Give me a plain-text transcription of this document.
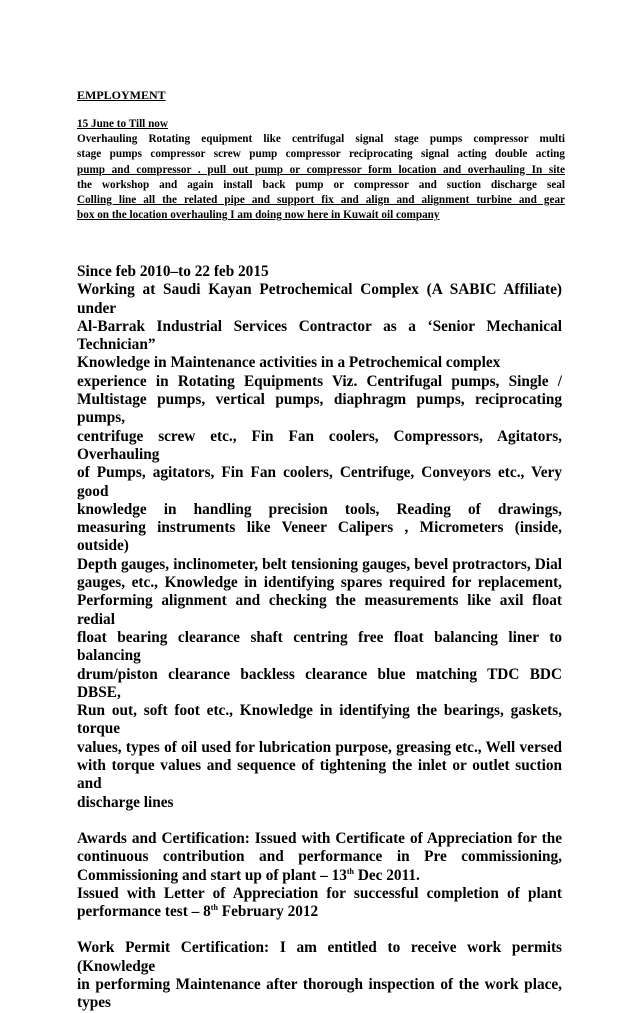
EMPLOYMENT
15 June to Till now
Overhauling Rotating equipment like centrifugal signal stage pumps compressor multi
stage pumps compressor screw pump compressor reciprocating signal acting double acting
pump and compressor . pull out pump or compressor form location and overhauling In site
the workshop and again install back pump or compressor and suction discharge seal
Colling line all the related pipe and support fix and align and alignment turbine and gear
box on the location overhauling I am doing now here in Kuwait oil company
Since feb 2010–to 22 feb 2015
Working at Saudi Kayan Petrochemical Complex (A SABIC Affiliate) under
Al-Barrak Industrial Services Contractor as a ‘Senior Mechanical
Technician”
Knowledge in Maintenance activities in a Petrochemical complex
experience in Rotating Equipments Viz. Centrifugal pumps, Single /
Multistage pumps, vertical pumps, diaphragm pumps, reciprocating pumps,
centrifuge screw etc., Fin Fan coolers, Compressors, Agitators, Overhauling
of Pumps, agitators, Fin Fan coolers, Centrifuge, Conveyors etc., Very good
knowledge in handling precision tools, Reading of drawings,
measuring instruments like Veneer Calipers , Micrometers (inside, outside)
Depth gauges, inclinometer, belt tensioning gauges, bevel protractors, Dial
gauges, etc., Knowledge in identifying spares required for replacement,
Performing alignment and checking the measurements like axil float redial
float bearing clearance shaft centring free float balancing liner to balancing
drum/piston clearance backless clearance blue matching TDC BDC DBSE,
Run out, soft foot etc., Knowledge in identifying the bearings, gaskets, torque
values, types of oil used for lubrication purpose, greasing etc., Well versed
with torque values and sequence of tightening the inlet or outlet suction and
discharge lines
Awards and Certification: Issued with Certificate of Appreciation for the
continuous contribution and performance in Pre commissioning,
Commissioning and start up of plant – 13th Dec 2011.
Issued with Letter of Appreciation for successful completion of plant
performance test – 8th February 2012
Work Permit Certification: I am entitled to receive work permits (Knowledge
in performing Maintenance after thorough inspection of the work place, types
